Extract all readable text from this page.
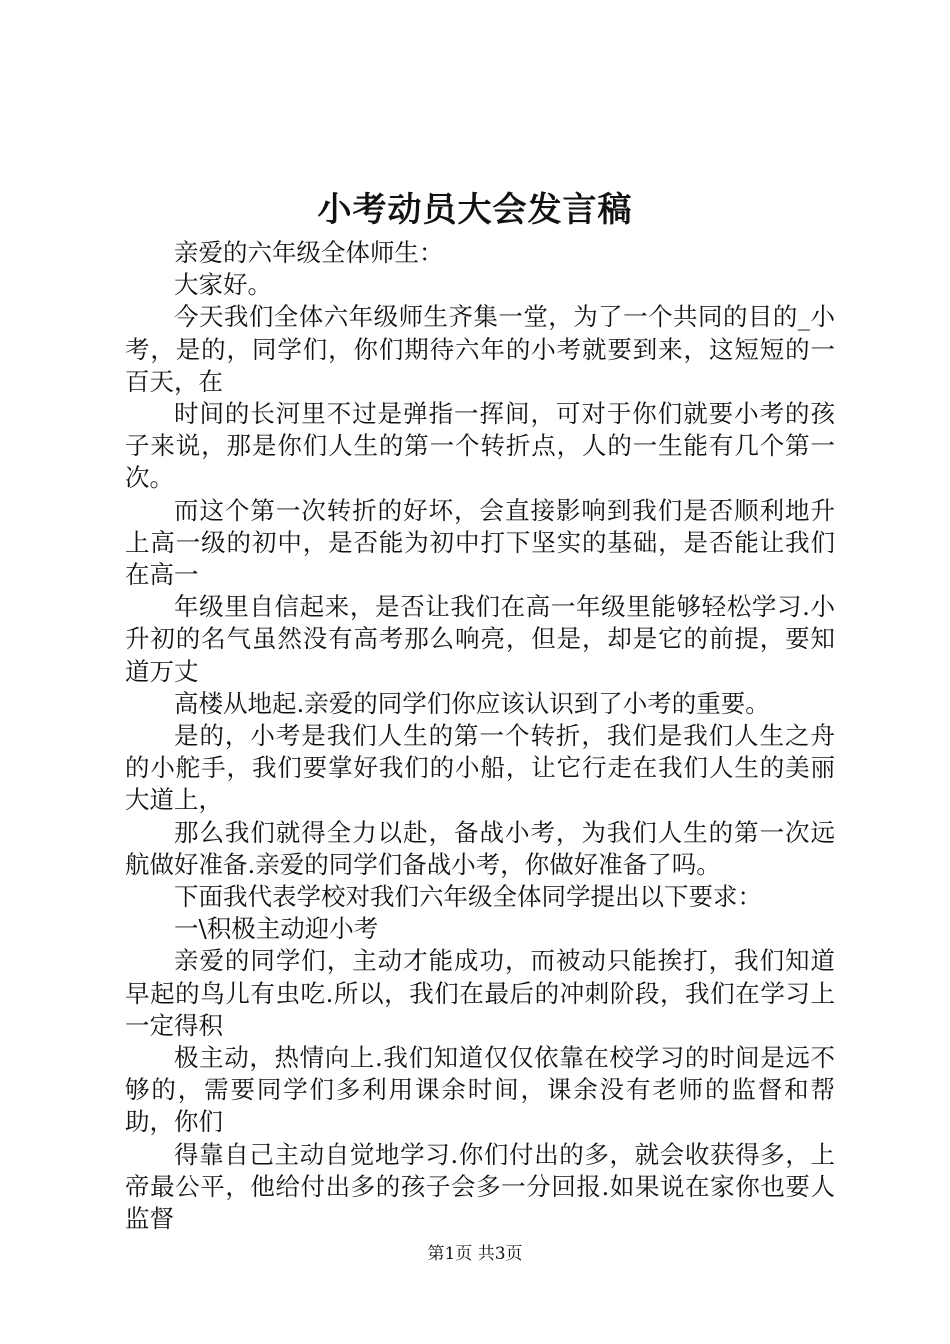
小考动员大会发言稿

亲爱的六年级全体师生：

大家好。

今天我们全体六年级师生齐集一堂，为了一个共同的目的_小考，是的，同学们，你们期待六年的小考就要到来，这短短的一百天，在

时间的长河里不过是弹指一挥间，可对于你们就要小考的孩子来说，那是你们人生的第一个转折点，人的一生能有几个第一次。

而这个第一次转折的好坏，会直接影响到我们是否顺利地升上高一级的初中，是否能为初中打下坚实的基础，是否能让我们在高一

年级里自信起来，是否让我们在高一年级里能够轻松学习.小升初的名气虽然没有高考那么响亮，但是，却是它的前提，要知道万丈

高楼从地起.亲爱的同学们你应该认识到了小考的重要。

是的，小考是我们人生的第一个转折，我们是我们人生之舟的小舵手，我们要掌好我们的小船，让它行走在我们人生的美丽大道上，

那么我们就得全力以赴，备战小考，为我们人生的第一次远航做好准备.亲爱的同学们备战小考，你做好准备了吗。

下面我代表学校对我们六年级全体同学提出以下要求：

一\积极主动迎小考

亲爱的同学们，主动才能成功，而被动只能挨打，我们知道早起的鸟儿有虫吃.所以，我们在最后的冲刺阶段，我们在学习上一定得积

极主动，热情向上.我们知道仅仅依靠在校学习的时间是远不够的，需要同学们多利用课余时间，课余没有老师的监督和帮助，你们

得靠自己主动自觉地学习.你们付出的多，就会收获得多，上帝最公平，他给付出多的孩子会多一分回报.如果说在家你也要人监督

第1页 共3页
